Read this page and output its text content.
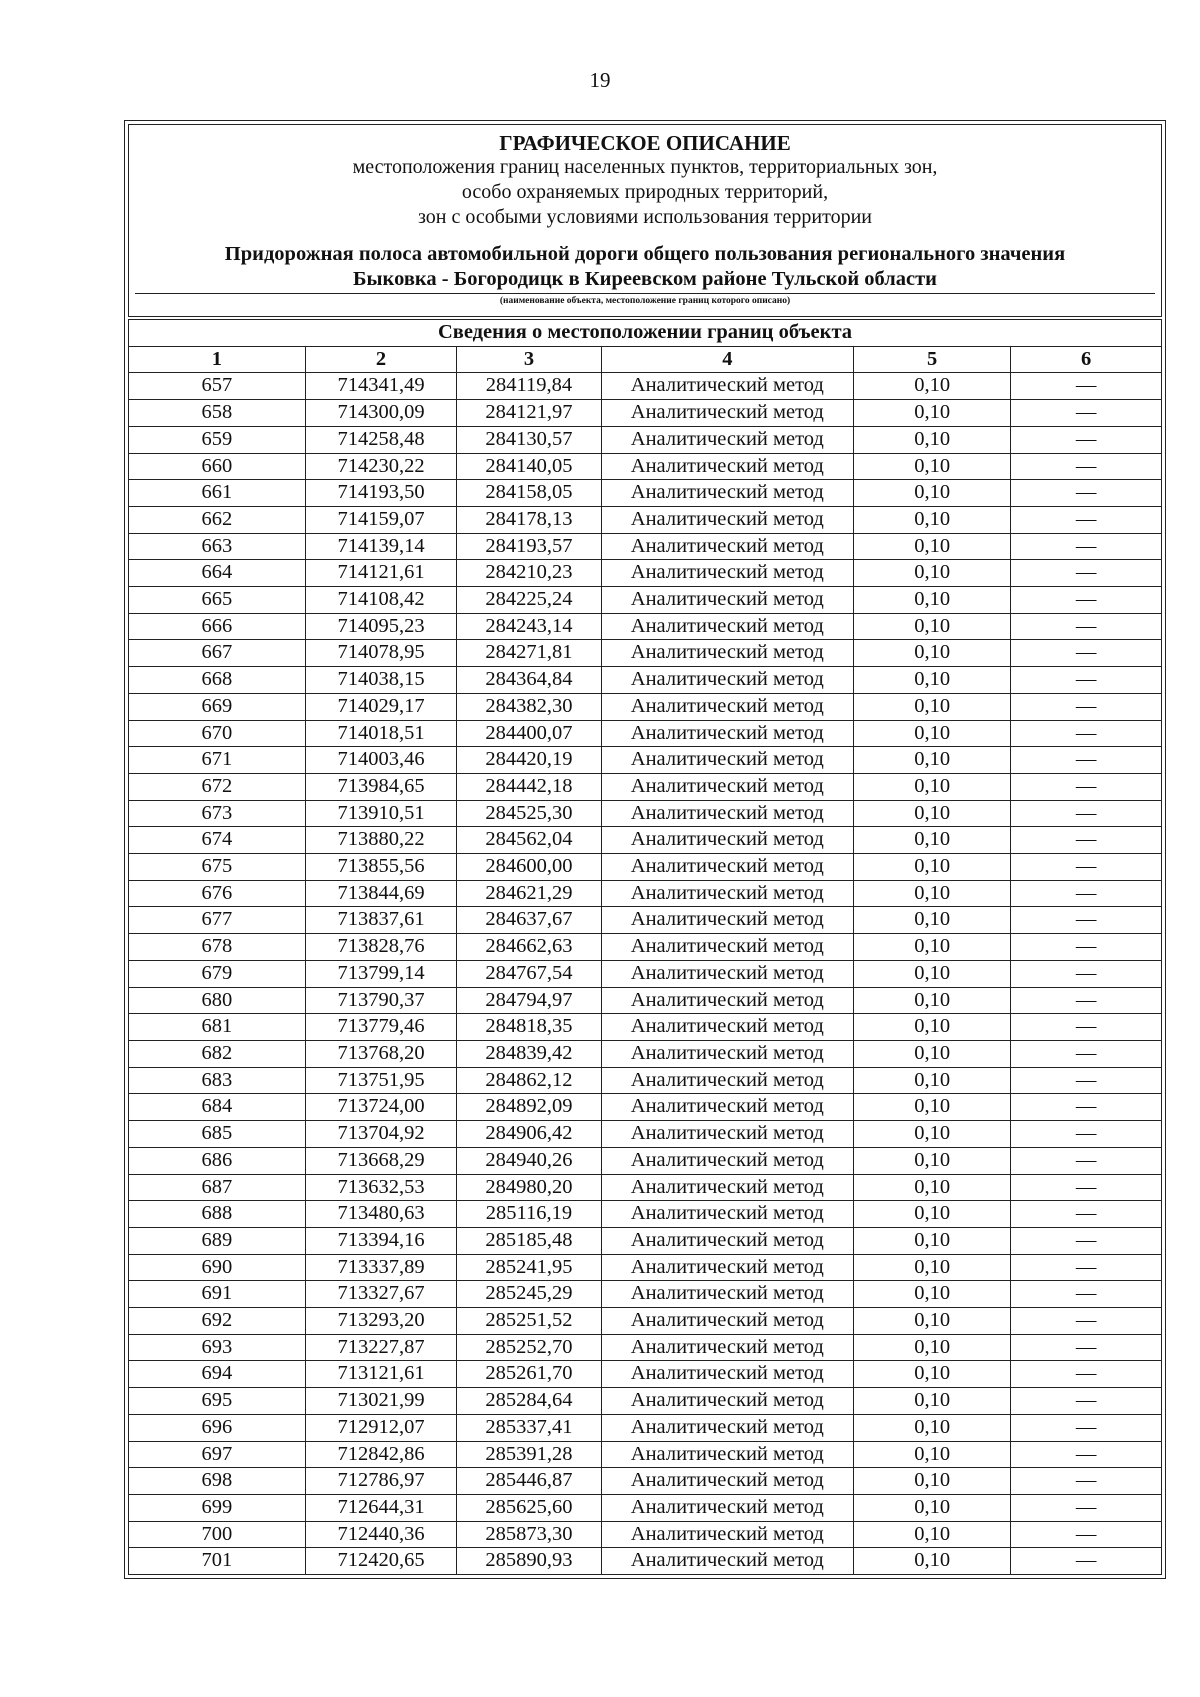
19
ГРАФИЧЕСКОЕ ОПИСАНИЕ
местоположения границ населенных пунктов, территориальных зон,
особо охраняемых природных территорий,
зон с особыми условиями использования территории
Придорожная полоса автомобильной дороги общего пользования регионального значения
Быковка - Богородицк в Киреевском районе Тульской области
(наименование объекта, местоположение границ которого описано)
Сведения о местоположении границ объекта					
1	2	3	4	5	6
657	714341,49	284119,84	Аналитический метод	0,10	—
658	714300,09	284121,97	Аналитический метод	0,10	—
659	714258,48	284130,57	Аналитический метод	0,10	—
660	714230,22	284140,05	Аналитический метод	0,10	—
661	714193,50	284158,05	Аналитический метод	0,10	—
662	714159,07	284178,13	Аналитический метод	0,10	—
663	714139,14	284193,57	Аналитический метод	0,10	—
664	714121,61	284210,23	Аналитический метод	0,10	—
665	714108,42	284225,24	Аналитический метод	0,10	—
666	714095,23	284243,14	Аналитический метод	0,10	—
667	714078,95	284271,81	Аналитический метод	0,10	—
668	714038,15	284364,84	Аналитический метод	0,10	—
669	714029,17	284382,30	Аналитический метод	0,10	—
670	714018,51	284400,07	Аналитический метод	0,10	—
671	714003,46	284420,19	Аналитический метод	0,10	—
672	713984,65	284442,18	Аналитический метод	0,10	—
673	713910,51	284525,30	Аналитический метод	0,10	—
674	713880,22	284562,04	Аналитический метод	0,10	—
675	713855,56	284600,00	Аналитический метод	0,10	—
676	713844,69	284621,29	Аналитический метод	0,10	—
677	713837,61	284637,67	Аналитический метод	0,10	—
678	713828,76	284662,63	Аналитический метод	0,10	—
679	713799,14	284767,54	Аналитический метод	0,10	—
680	713790,37	284794,97	Аналитический метод	0,10	—
681	713779,46	284818,35	Аналитический метод	0,10	—
682	713768,20	284839,42	Аналитический метод	0,10	—
683	713751,95	284862,12	Аналитический метод	0,10	—
684	713724,00	284892,09	Аналитический метод	0,10	—
685	713704,92	284906,42	Аналитический метод	0,10	—
686	713668,29	284940,26	Аналитический метод	0,10	—
687	713632,53	284980,20	Аналитический метод	0,10	—
688	713480,63	285116,19	Аналитический метод	0,10	—
689	713394,16	285185,48	Аналитический метод	0,10	—
690	713337,89	285241,95	Аналитический метод	0,10	—
691	713327,67	285245,29	Аналитический метод	0,10	—
692	713293,20	285251,52	Аналитический метод	0,10	—
693	713227,87	285252,70	Аналитический метод	0,10	—
694	713121,61	285261,70	Аналитический метод	0,10	—
695	713021,99	285284,64	Аналитический метод	0,10	—
696	712912,07	285337,41	Аналитический метод	0,10	—
697	712842,86	285391,28	Аналитический метод	0,10	—
698	712786,97	285446,87	Аналитический метод	0,10	—
699	712644,31	285625,60	Аналитический метод	0,10	—
700	712440,36	285873,30	Аналитический метод	0,10	—
701	712420,65	285890,93	Аналитический метод	0,10	—
